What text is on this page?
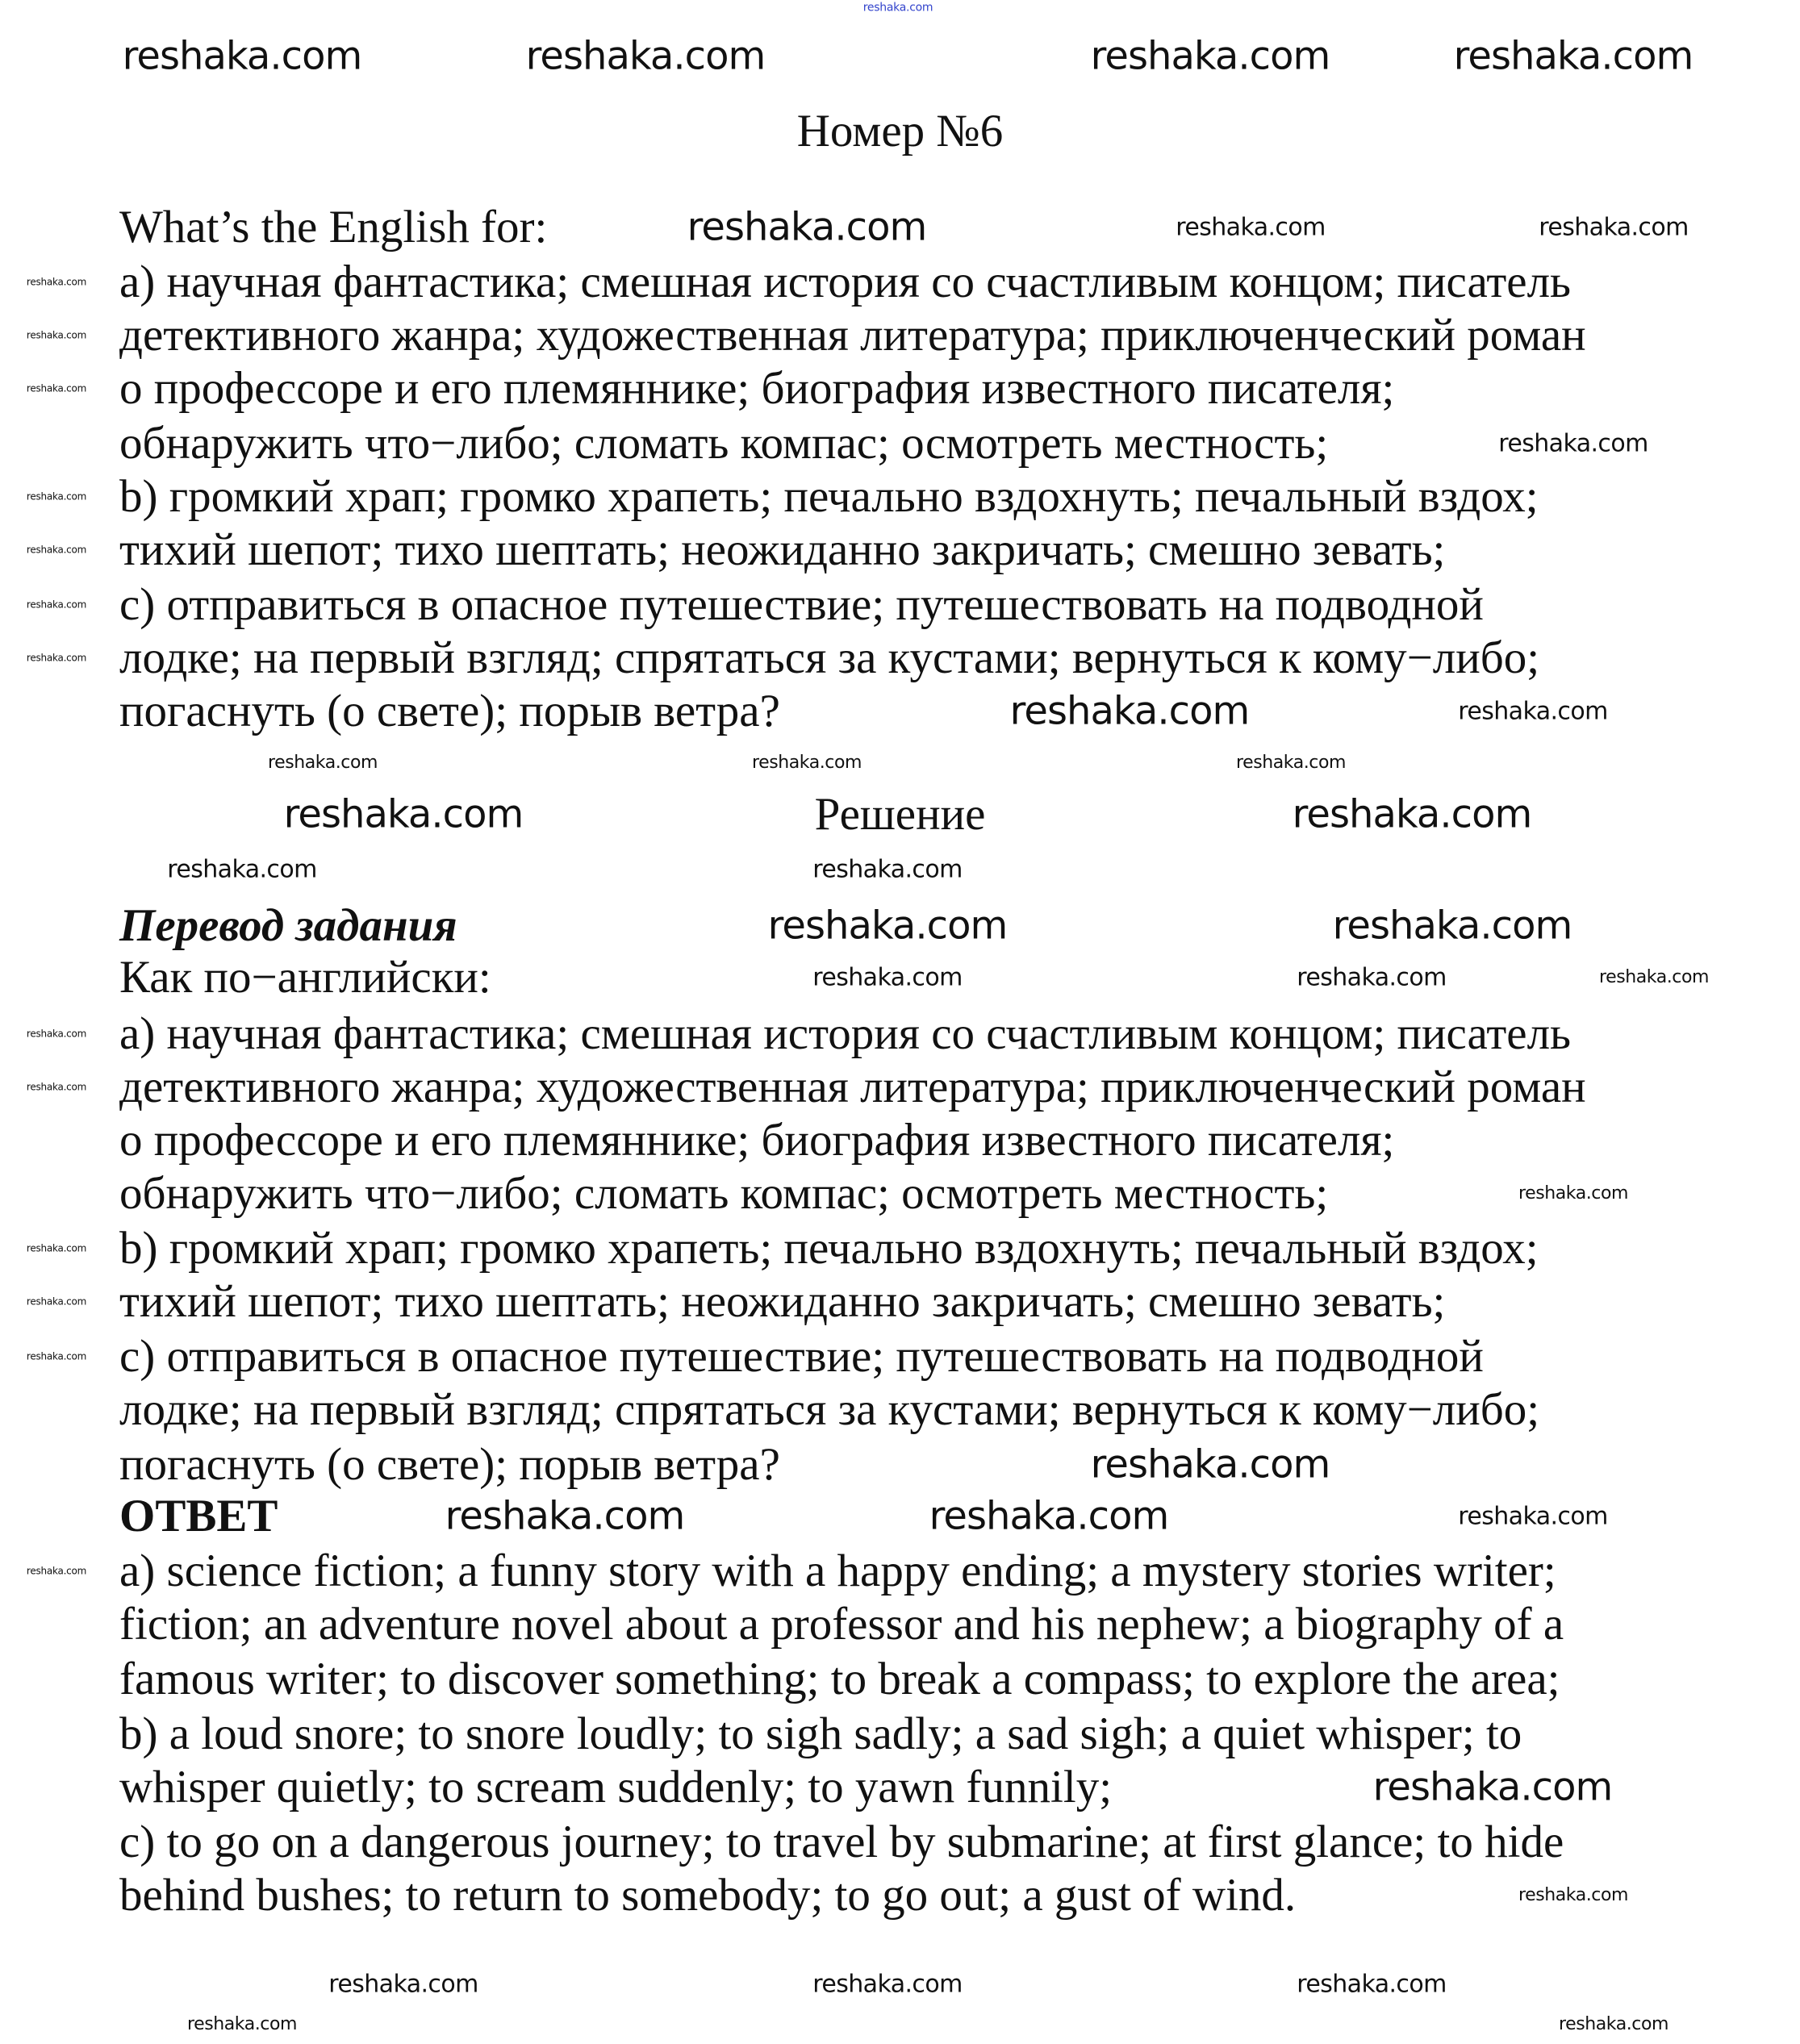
Номер №6
What’s the English for:
a) научная фантастика; смешная история со счастливым концом; писатель
детективного жанра; художественная литература; приключенческий роман
о профессоре и его племяннике; биография известного писателя;
обнаружить что−либо; сломать компас; осмотреть местность;
b) громкий храп; громко храпеть; печально вздохнуть; печальный вздох;
тихий шепот; тихо шептать; неожиданно закричать; смешно зевать;
c) отправиться в опасное путешествие; путешествовать на подводной
лодке; на первый взгляд; спрятаться за кустами; вернуться к кому−либо;
погаснуть (о свете); порыв ветра?
Решение
Перевод задания
Как по−английски:
a) научная фантастика; смешная история со счастливым концом; писатель
детективного жанра; художественная литература; приключенческий роман
о профессоре и его племяннике; биография известного писателя;
обнаружить что−либо; сломать компас; осмотреть местность;
b) громкий храп; громко храпеть; печально вздохнуть; печальный вздох;
тихий шепот; тихо шептать; неожиданно закричать; смешно зевать;
c) отправиться в опасное путешествие; путешествовать на подводной
лодке; на первый взгляд; спрятаться за кустами; вернуться к кому−либо;
погаснуть (о свете); порыв ветра?
ОТВЕТ
a) science fiction; a funny story with a happy ending; a mystery stories writer;
fiction; an adventure novel about a professor and his nephew; a biography of a
famous writer; to discover something; to break a compass; to explore the area;
b) a loud snore; to snore loudly; to sigh sadly; a sad sigh; a quiet whisper; to
whisper quietly; to scream suddenly; to yawn funnily;
c) to go on a dangerous journey; to travel by submarine; at first glance; to hide
behind bushes; to return to somebody; to go out; a gust of wind.
reshaka.com
reshaka.com	reshaka.com	reshaka.com	reshaka.com
reshaka.com
reshaka.com
reshaka.com	reshaka.com
reshaka.com	reshaka.com
reshaka.com
reshaka.com	reshaka.com
reshaka.com
reshaka.com	reshaka.com
reshaka.com
reshaka.com
reshaka.com	reshaka.com
reshaka.com	reshaka.com
reshaka.com
reshaka.com	reshaka.com	reshaka.com
reshaka.com	reshaka.com	reshaka.com
reshaka.com
reshaka.com
reshaka.com
reshaka.com	reshaka.com
reshaka.com
reshaka.com
reshaka.com
reshaka.com
reshaka.com
reshaka.com
reshaka.com
reshaka.com
reshaka.com
reshaka.com
reshaka.com
reshaka.com
reshaka.com
